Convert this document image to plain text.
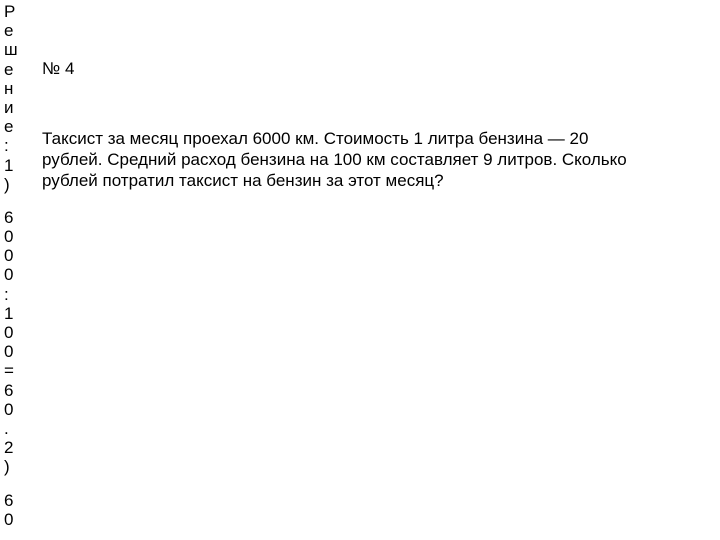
Р
е
ш
е
н
и
е
:
1
)
6
0
0
0
:
1
0
0
=
6
0
.
2
)
6
0
№ 4
Таксист за месяц проехал 6000 км. Стоимость 1 литра бензина — 20
рублей. Средний расход бензина на 100 км составляет 9 литров. Сколько
рублей потратил таксист на бензин за этот месяц?
